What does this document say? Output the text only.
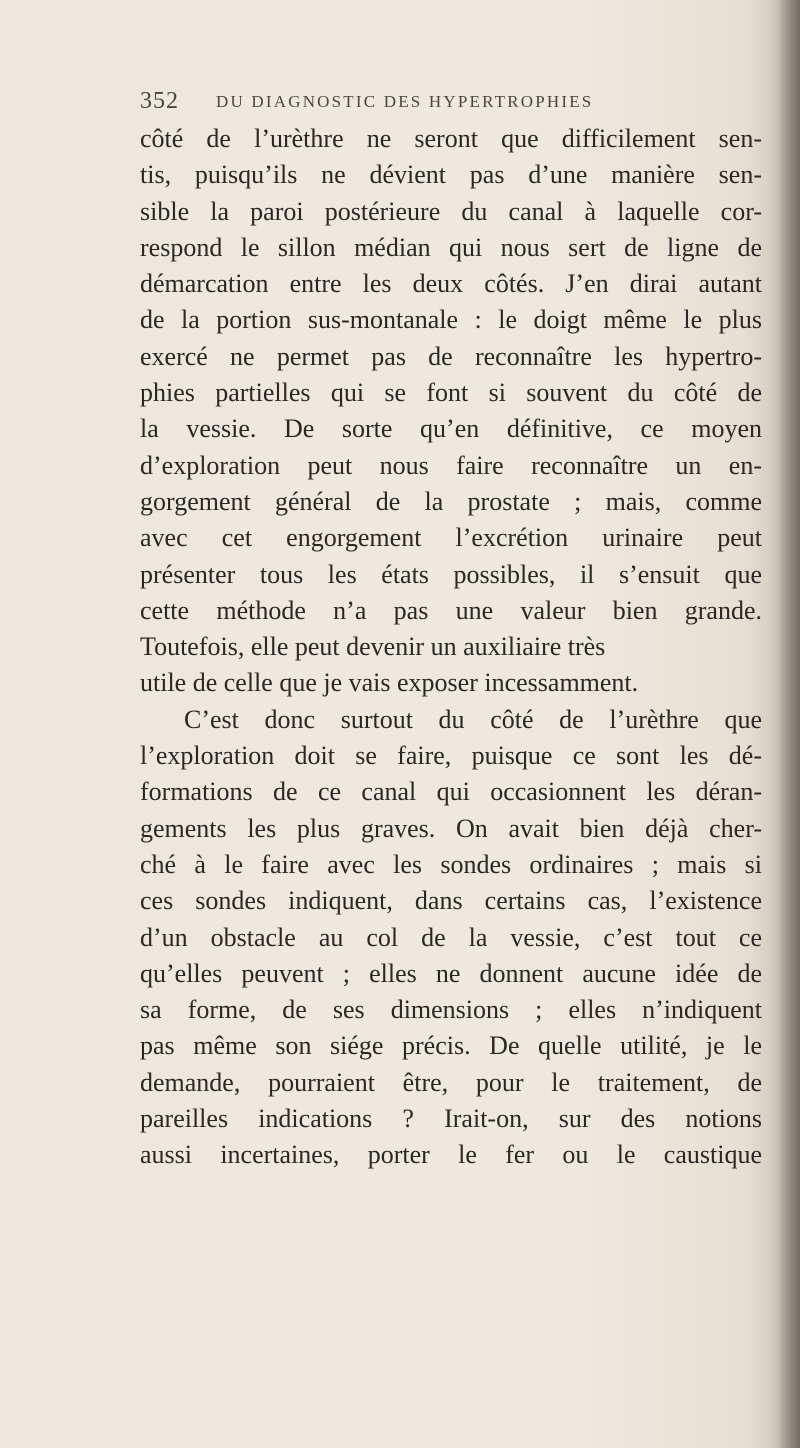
352 DU DIAGNOSTIC DES HYPERTROPHIES
côté de l’urèthre ne seront que difficilement sen-
tis, puisqu’ils ne dévient pas d’une manière sen-
sible la paroi postérieure du canal à laquelle cor-
respond le sillon médian qui nous sert de ligne de
démarcation entre les deux côtés. J’en dirai autant
de la portion sus-montanale : le doigt même le plus
exercé ne permet pas de reconnaître les hypertro-
phies partielles qui se font si souvent du côté de
la vessie. De sorte qu’en définitive, ce moyen
d’exploration peut nous faire reconnaître un en-
gorgement général de la prostate ; mais, comme
avec cet engorgement l’excrétion urinaire peut
présenter tous les états possibles, il s’ensuit que
cette méthode n’a pas une valeur bien grande.
Toutefois, elle peut devenir un auxiliaire très
utile de celle que je vais exposer incessamment.
C’est donc surtout du côté de l’urèthre que
l’exploration doit se faire, puisque ce sont les dé-
formations de ce canal qui occasionnent les déran-
gements les plus graves. On avait bien déjà cher-
ché à le faire avec les sondes ordinaires ; mais si
ces sondes indiquent, dans certains cas, l’existence
d’un obstacle au col de la vessie, c’est tout ce
qu’elles peuvent ; elles ne donnent aucune idée de
sa forme, de ses dimensions ; elles n’indiquent
pas même son siége précis. De quelle utilité, je le
demande, pourraient être, pour le traitement, de
pareilles indications ? Irait-on, sur des notions
aussi incertaines, porter le fer ou le caustique
